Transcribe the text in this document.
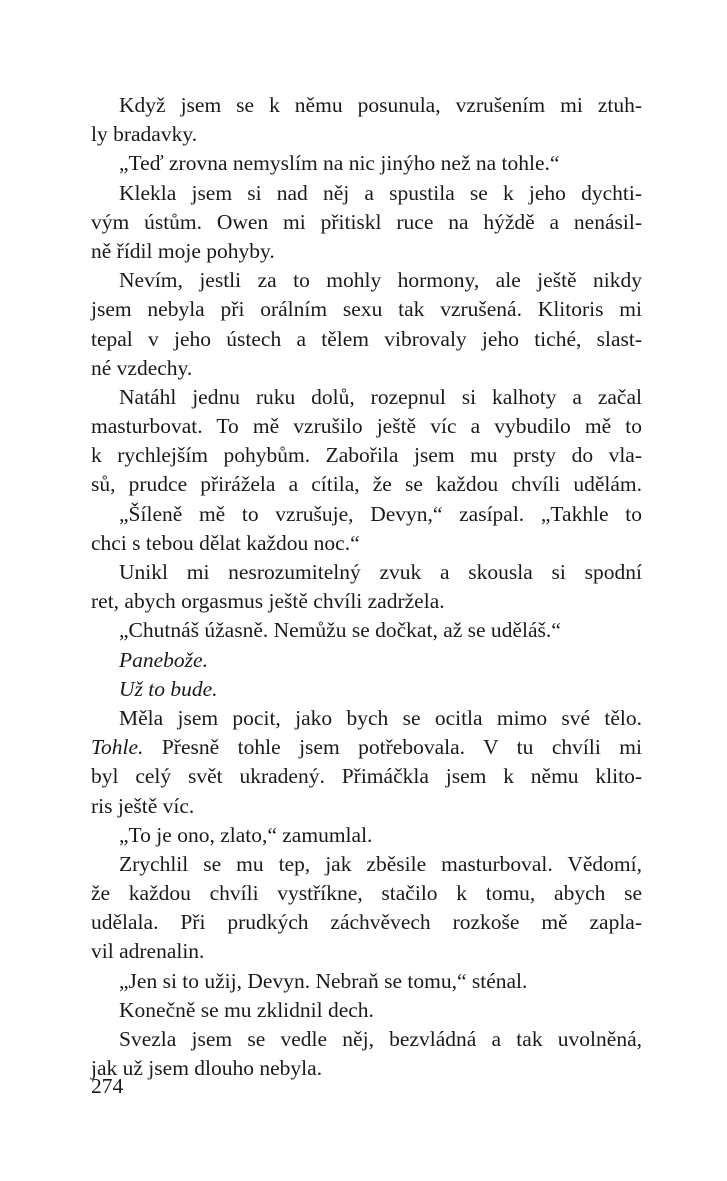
Když jsem se k němu posunula, vzrušením mi ztuh-
ly bradavky.
„Teď zrovna nemyslím na nic jinýho než na tohle.“
Klekla jsem si nad něj a spustila se k jeho dychti-
vým ústům. Owen mi přitiskl ruce na hýždě a nenásil-
ně řídil moje pohyby.
Nevím, jestli za to mohly hormony, ale ještě nikdy
jsem nebyla při orálním sexu tak vzrušená. Klitoris mi
tepal v jeho ústech a tělem vibrovaly jeho tiché, slast-
né vzdechy.
Natáhl jednu ruku dolů, rozepnul si kalhoty a začal
masturbovat. To mě vzrušilo ještě víc a vybudilo mě to
k rychlejším pohybům. Zabořila jsem mu prsty do vla-
sů, prudce přirážela a cítila, že se každou chvíli udělám.
„Šíleně mě to vzrušuje, Devyn,“ zasípal. „Takhle to
chci s tebou dělat každou noc.“
Unikl mi nesrozumitelný zvuk a skousla si spodní
ret, abych orgasmus ještě chvíli zadržela.
„Chutnáš úžasně. Nemůžu se dočkat, až se uděláš.“
Panebože.
Už to bude.
Měla jsem pocit, jako bych se ocitla mimo své tělo.
Tohle. Přesně tohle jsem potřebovala. V tu chvíli mi
byl celý svět ukradený. Přimáčkla jsem k němu klito-
ris ještě víc.
„To je ono, zlato,“ zamumlal.
Zrychlil se mu tep, jak zběsile masturboval. Vědomí,
že každou chvíli vystříkne, stačilo k tomu, abych se
udělala. Při prudkých záchvěvech rozkoše mě zapla-
vil adrenalin.
„Jen si to užij, Devyn. Nebraň se tomu,“ sténal.
Konečně se mu zklidnil dech.
Svezla jsem se vedle něj, bezvládná a tak uvolněná,
jak už jsem dlouho nebyla.
274
